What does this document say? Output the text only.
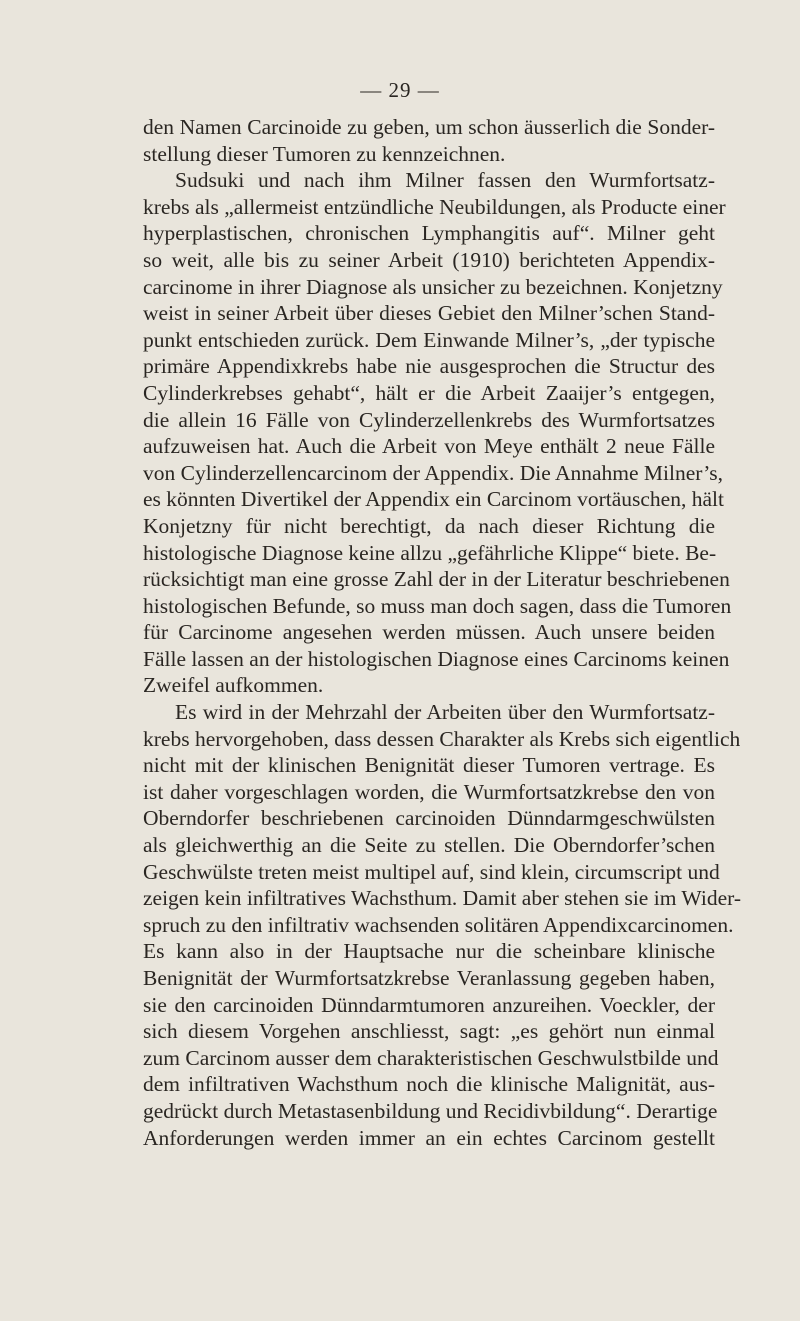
— 29 —
den Namen Carcinoide zu geben, um schon äusserlich die Sonder-
stellung dieser Tumoren zu kennzeichnen.
Sudsuki und nach ihm Milner fassen den Wurmfortsatz-
krebs als „allermeist entzündliche Neubildungen, als Producte einer
hyperplastischen, chronischen Lymphangitis auf“. Milner geht
so weit, alle bis zu seiner Arbeit (1910) berichteten Appendix-
carcinome in ihrer Diagnose als unsicher zu bezeichnen. Konjetzny
weist in seiner Arbeit über dieses Gebiet den Milner’schen Stand-
punkt entschieden zurück. Dem Einwande Milner’s, „der typische
primäre Appendixkrebs habe nie ausgesprochen die Structur des
Cylinderkrebses gehabt“, hält er die Arbeit Zaaijer’s entgegen,
die allein 16 Fälle von Cylinderzellenkrebs des Wurmfortsatzes
aufzuweisen hat. Auch die Arbeit von Meye enthält 2 neue Fälle
von Cylinderzellencarcinom der Appendix. Die Annahme Milner’s,
es könnten Divertikel der Appendix ein Carcinom vortäuschen, hält
Konjetzny für nicht berechtigt, da nach dieser Richtung die
histologische Diagnose keine allzu „gefährliche Klippe“ biete. Be-
rücksichtigt man eine grosse Zahl der in der Literatur beschriebenen
histologischen Befunde, so muss man doch sagen, dass die Tumoren
für Carcinome angesehen werden müssen. Auch unsere beiden
Fälle lassen an der histologischen Diagnose eines Carcinoms keinen
Zweifel aufkommen.
Es wird in der Mehrzahl der Arbeiten über den Wurmfortsatz-
krebs hervorgehoben, dass dessen Charakter als Krebs sich eigentlich
nicht mit der klinischen Benignität dieser Tumoren vertrage. Es
ist daher vorgeschlagen worden, die Wurmfortsatzkrebse den von
Oberndorfer beschriebenen carcinoiden Dünndarmgeschwülsten
als gleichwerthig an die Seite zu stellen. Die Oberndorfer’schen
Geschwülste treten meist multipel auf, sind klein, circumscript und
zeigen kein infiltratives Wachsthum. Damit aber stehen sie im Wider-
spruch zu den infiltrativ wachsenden solitären Appendixcarcinomen.
Es kann also in der Hauptsache nur die scheinbare klinische
Benignität der Wurmfortsatzkrebse Veranlassung gegeben haben,
sie den carcinoiden Dünndarmtumoren anzureihen. Voeckler, der
sich diesem Vorgehen anschliesst, sagt: „es gehört nun einmal
zum Carcinom ausser dem charakteristischen Geschwulstbilde und
dem infiltrativen Wachsthum noch die klinische Malignität, aus-
gedrückt durch Metastasenbildung und Recidivbildung“. Derartige
Anforderungen werden immer an ein echtes Carcinom gestellt
